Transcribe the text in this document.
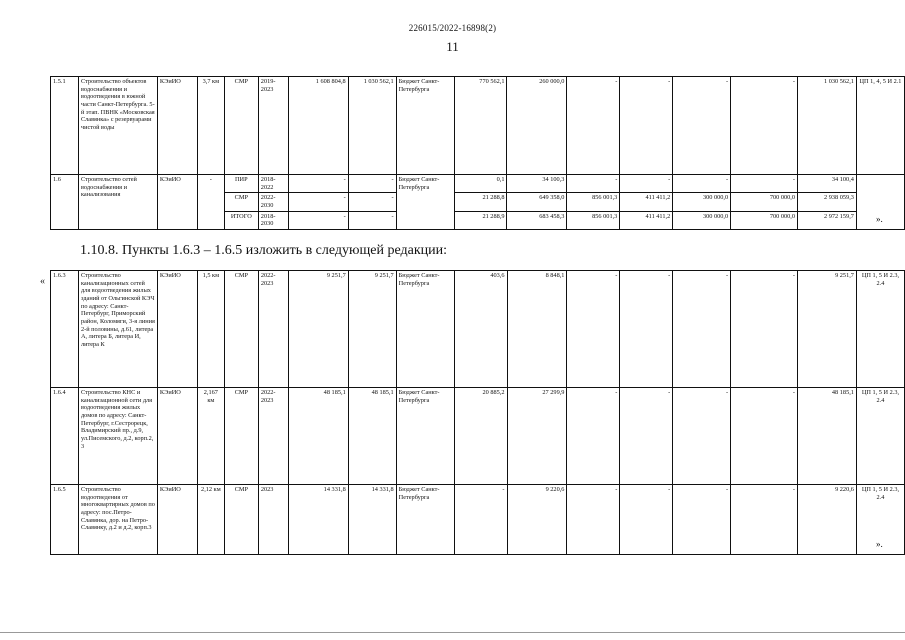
226015/2022-16898(2)
11
1.5.1	Строительство объектов водоснабжения и водоотведения в южной части Санкт-Петербурга. 5-й этап. ПВНК «Московская Славянка» с резервуарами чистой воды	КЭиИО	3,7 км	СМР	2019-2023	1 608 804,8	1 030 562,1	Бюджет Санкт-Петербурга	770 562,1	260 000,0	-	-	-	-	1 030 562,1	ЦП 1, 4, 5 И 2.1
1.6	Строительство сетей водоснабжения и канализования	КЭиИО	-	ПИР	2018-2022	-	-	Бюджет Санкт-Петербурга	0,1	34 100,3	-	-	-	-	34 100,4	
				СМР	2022-2030	-	-		21 288,8	649 358,0	856 001,3	411 411,2	300 000,0	700 000,0	2 938 059,3	
				ИТОГО	2018-2030	-	-		21 288,9	683 458,3	856 001,3	411 411,2	300 000,0	700 000,0	2 972 159,7	».
1.10.8. Пункты 1.6.3 – 1.6.5 изложить в следующей редакции:
«
1.6.3	Строительство канализационных сетей для водоотведения жилых зданий от Ольгинской КЭЧ по адресу: Санкт-Петербург, Приморский район, Коломяги, 3-я линия 2-й половины, д.61, литера А, литера Б, литера И, литера К	КЭиИО	1,5 км	СМР	2022-2023	9 251,7	9 251,7	Бюджет Санкт-Петербурга	403,6	8 848,1	-	-	-	-	9 251,7	ЦП 1, 5 И 2.3, 2.4
1.6.4	Строительство КНС и канализационной сети для водоотведения жилых домов по адресу: Санкт-Петербург, г.Сестрорецк, Владимирский пр., д.9, ул.Писемского, д.2, корп.2, 3	КЭиИО	2,167 км	СМР	2022-2023	48 185,1	48 185,1	Бюджет Санкт-Петербурга	20 885,2	27 299,9	-	-	-	-	48 185,1	ЦП 1, 5 И 2.3, 2.4
1.6.5	Строительство водоотведения от многоквартирных домов по адресу: пос.Петро-Славянка, дор. на Петро-Славянку, д.2 и д.2, корп.3	КЭиИО	2,12 км	СМР	2023	14 331,8	14 331,8	Бюджет Санкт-Петербурга	-	9 220,6	-	-	-	-	9 220,6	ЦП 1, 5 И 2.3, 2.4
».
